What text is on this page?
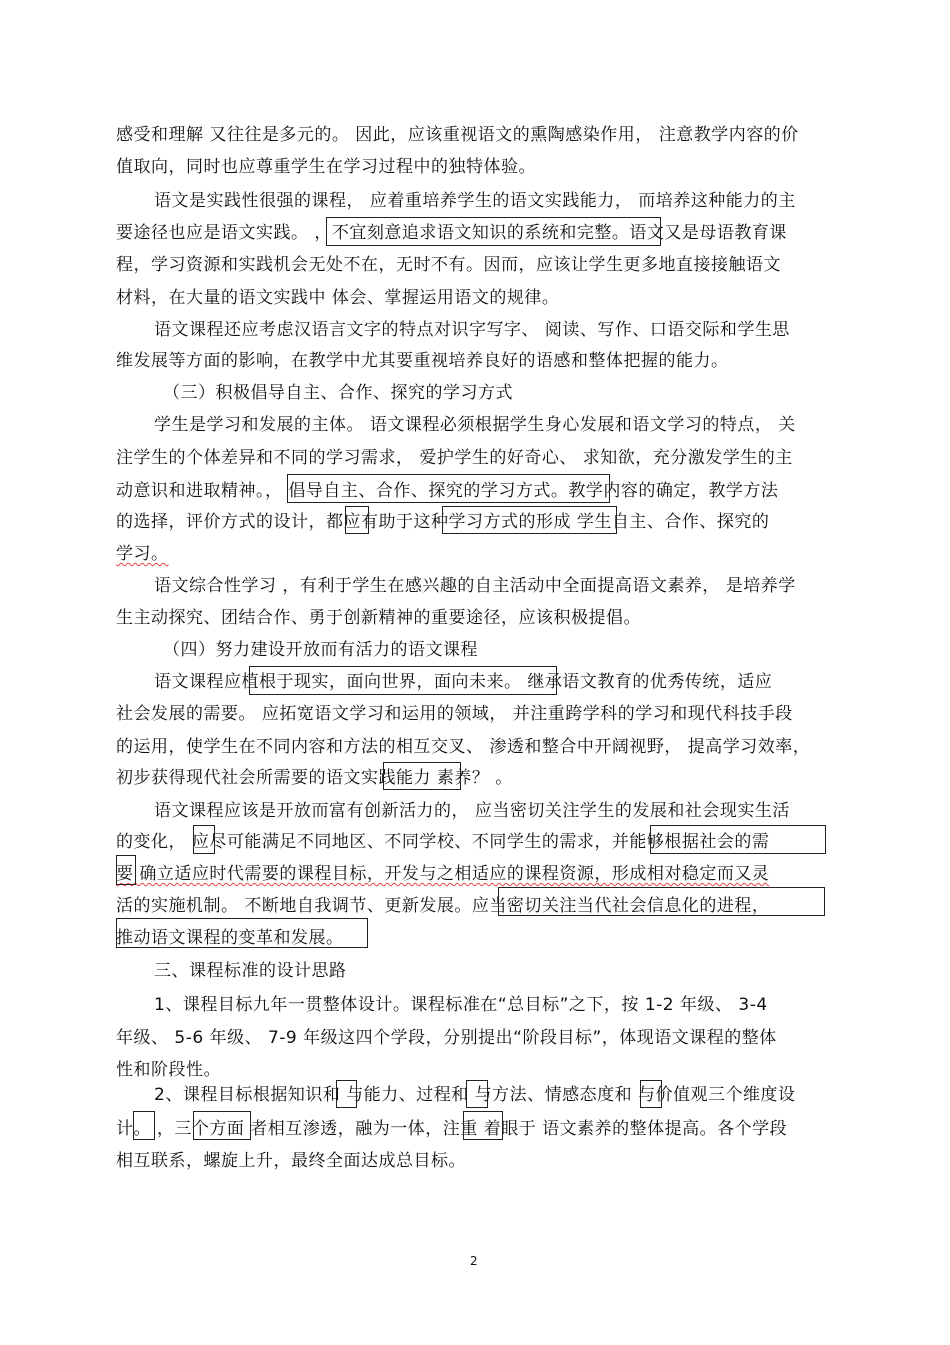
感受和理解 又往往是多元的。 因此，应该重视语文的熏陶感染作用， 注意教学内容的价
值取向，同时也应尊重学生在学习过程中的独特体验。
语文是实践性很强的课程， 应着重培养学生的语文实践能力， 而培养这种能力的主
要途径也应是语文实践。 ，不宜刻意追求语文知识的系统和完整。语文又是母语教育课
程，学习资源和实践机会无处不在，无时不有。因而，应该让学生更多地直接接触语文
材料，在大量的语文实践中 体会、掌握运用语文的规律。
语文课程还应考虑汉语言文字的特点对识字写字、 阅读、写作、口语交际和学生思
维发展等方面的影响，在教学中尤其要重视培养良好的语感和整体把握的能力。
（三）积极倡导自主、合作、探究的学习方式
学生是学习和发展的主体。 语文课程必须根据学生身心发展和语文学习的特点， 关
注学生的个体差异和不同的学习需求， 爱护学生的好奇心、 求知欲，充分激发学生的主
动意识和进取精神。， 倡导自主、合作、探究的学习方式。教学内容的确定，教学方法
的选择，评价方式的设计，都应有助于这种学习方式的形成 学生自主、合作、探究的
学习。
语文综合性学习 ，有利于学生在感兴趣的自主活动中全面提高语文素养， 是培养学
生主动探究、团结合作、勇于创新精神的重要途径，应该积极提倡。
（四）努力建设开放而有活力的语文课程
语文课程应植根于现实，面向世界，面向未来。 继承语文教育的优秀传统，适应
社会发展的需要。 应拓宽语文学习和运用的领域， 并注重跨学科的学习和现代科技手段
的运用，使学生在不同内容和方法的相互交叉、 渗透和整合中开阔视野， 提高学习效率，
初步获得现代社会所需要的语文实践能力 素养？ 。
语文课程应该是开放而富有创新活力的， 应当密切关注学生的发展和社会现实生活
的变化， 应尽可能满足不同地区、不同学校、不同学生的需求，并能够根据社会的需
要 确立适应时代需要的课程目标，开发与之相适应的课程资源，形成相对稳定而又灵
活的实施机制。 不断地自我调节、更新发展。应当密切关注当代社会信息化的进程，
推动语文课程的变革和发展。
三、课程标准的设计思路
1、课程目标九年一贯整体设计。课程标准在“总目标”之下，按 1-2 年级、 3-4
年级、 5-6 年级、 7-9 年级这四个学段，分别提出“阶段目标”，体现语文课程的整体
性和阶段性。
2、课程目标根据知识和 与能力、过程和 与方法、情感态度和 与价值观三个维度设
计。 ，三个方面 者相互渗透，融为一体，注重 着眼于 语文素养的整体提高。各个学段
相互联系，螺旋上升，最终全面达成总目标。
2
